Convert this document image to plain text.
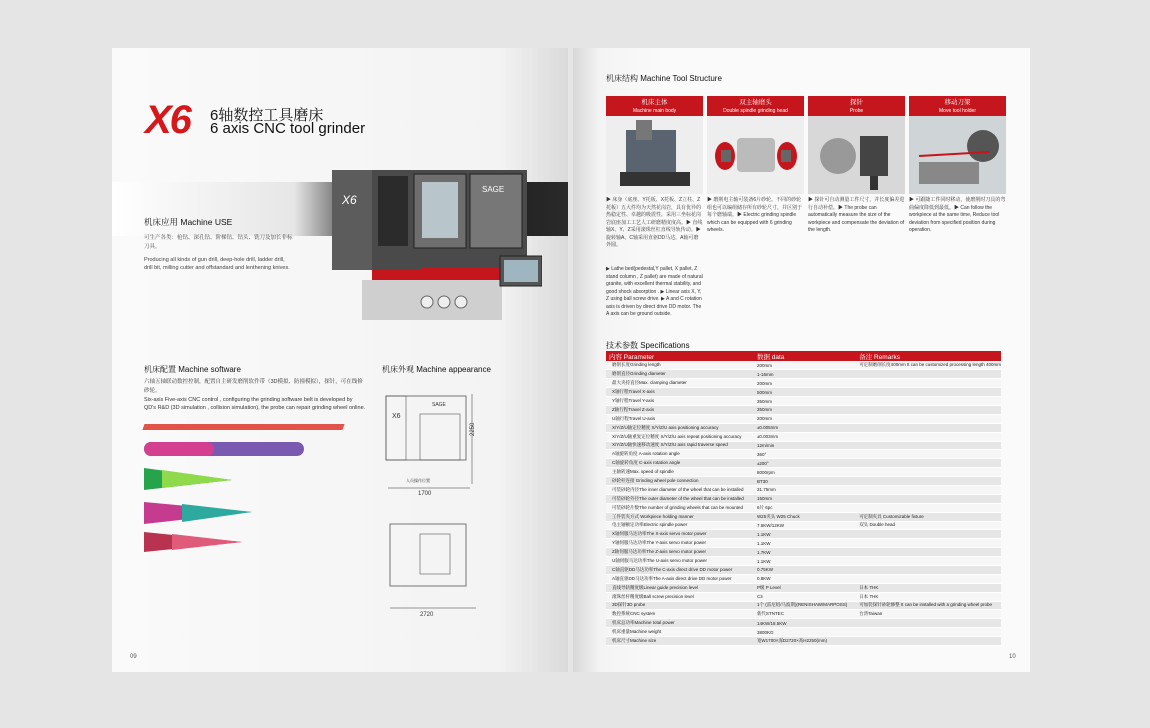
X6 6轴数控工具磨床
6 axis CNC tool grinder
X6
SAGE
机床应用 Machine USE
可生产各类：枪钻、深孔钻、阶梯钻、钻头、铣刀及加长非标刀具。
Producing all kinds of gun drill, deep-hole drill, ladder drill, drill bit, milling cutter and offstandard and lenthening knives.
机床配置 Machine software
六轴五轴联动数控控制，配置自主研发磨削软件带（3D模拟、防撞模拟），探针，可在线修砂轮。
Six-axis Five-axis CNC control , configuring the grinding software belt is developed by QD's R&D (3D simulation , collision simulation), the probe can repair grinding wheel online.
机床外观 Machine appearance
X6
SAGE
2250
人员操作位置
1700
2720
09
机床结构 Machine Tool Structure
机床主体
Machine main body
双主轴磨头
Double spindle grinding head
探针
Probe
移动刀架
Move tool holder
▶ 床身（底座、Y托板、X托板、Z立柱、Z托板）五大件均为天然花岗岩，具有优异的热稳定性、卓越的吸震性。采用三坐标花岗岩底座加工工艺人工研磨精度度高。▶ 直线轴X、Y、Z采用滚珠丝杠直线导轨传动。▶ 旋转轴A、C轴采用直驱DD马达，A轴可磨外圆。
▶ Lathe bed(pedestal,Y pallet, X pallet, Z stand column , Z pallet) are made of natural granite, with excellent thermal stability, and good shock absorption . ▶ Linear axis X, Y, Z using ball screw drive. ▶ A and C rotation axis is driven by direct drive DD motor. The A axis can be ground outside.
▶ 磨削电主轴可装备6片砂轮。不同的砂轮组也可以编组储存所有砂轮尺寸，并区别于每个磨轴端。▶ Electric grinding spindle which can be equipped with 6 grinding wheels.
▶ 探针可自动测量工件尺寸，并长度偏差进行自动补偿。▶ The probe can automatically measure the size of the workpiece and compensate the deviation of the length.
▶ 可跟随工件同时移动，使磨削时刀具的弯曲偏度降低到最低。▶ Can follow the workpiece at the same time, Reduce tool deviation from specified position during operation.
技术参数 Specifications
内容 Parameter	数据 data	备注 Remarks
磨削长度Grinding length	200mm	可定制磨削长度400mm It can be customized processing length 400mm
磨削直径Grinding diameter	1-16mm	
最大夹持直径Max. clamping diameter	200mm	
X轴行程Travel X-axis	500mm	
Y轴行程Travel Y-axis	350mm	
Z轴行程Travel Z-axis	350mm	
U轴行程Travel U-axis	200mm	
X/Y/Z/U轴定位精度 X/Y/Z/U axis positioning accuracy	±0.005mm	
X/Y/Z/U轴重复定位精度 X/Y/Z/U axis repeat positioning accuracy	±0.003mm	
X/Y/Z/U轴快速移动速度 X/Y/Z/U axis rapid traverse speed	12m/min	
A轴旋转角度 A-axis rotation angle	360°	
C轴旋转角度 C-axis rotation angle	±200°	
主轴转速Max. speed of spindle	8000rpm	
砂轮杆连接 Grinding wheel pole connection	BT30	
可装砂轮内径The inner diameter of the wheel that can be installed	31.75mm	
可装砂轮外径The outer diameter of the wheel that can be installed	150mm	
可装砂轮片数The number of grinding wheels that can be mounted	6片 6pc	
工件装夹方式 Workpiece holding manner	W25夹头 W25 Chuck	可定制夹具 Customizable fixture
电主轴额定功率Electric spindle power	7.5KW/12KW	双头 Double head
X轴伺服马达功率The X-axis servo motor power	1.1KW	
Y轴伺服马达功率The Y-axis servo motor power	1.1KW	
Z轴伺服马达功率The Z-axis servo motor power	1.7KW	
U轴伺服马达功率The U-axis servo motor power	1.1KW	
C轴直驱DD马达功率The C-axis direct drive DD motor power	0.75KW	
A轴直驱DD马达功率The A-axis direct drive DD motor power	0.8KW	
直线导轨精度级Linear guide precision level	P级 P Level	日本 THK
滚珠丝杆精度级Ball screw precision level	C3	日本 THK
3D探针3D probe	1个 (雷尼绍/马波斯)(RENISHAW/MARPOSS)	可加装探针砂轮修整 It can be installed with a grinding wheel probe
数控系统CNC system	新代STNTEC	台湾Taiwan
机床总功率Machine total power	14KW/18.5KW	
机床重量Machine weight	3800KG	
机床尺寸Machine size	宽W1700×深D2720×高H2250(mm)	
10
